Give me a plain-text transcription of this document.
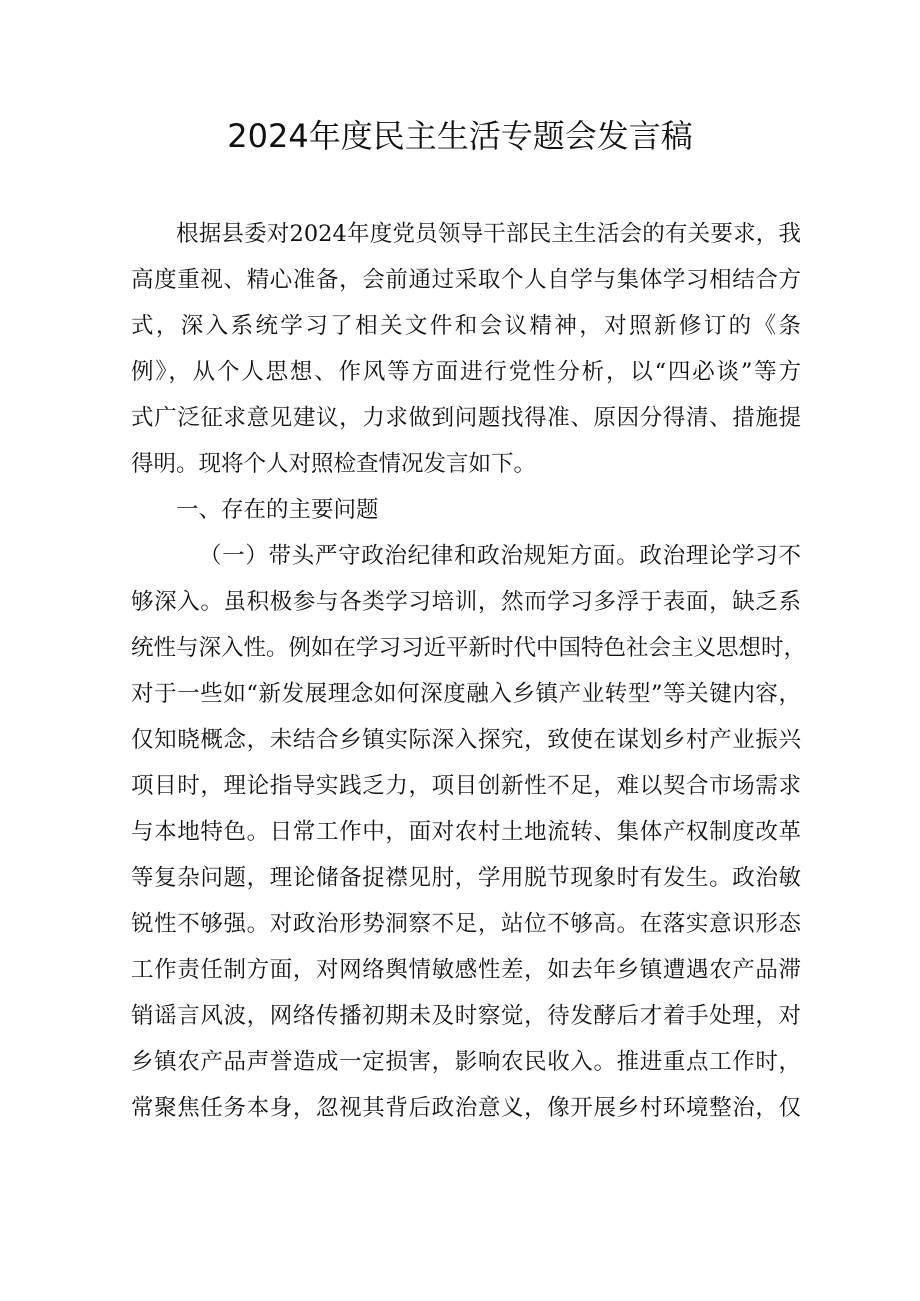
2024年度民主生活专题会发言稿
根据县委对2024年度党员领导干部民主生活会的有关要求，我
高度重视、精心准备，会前通过采取个人自学与集体学习相结合方
式，深入系统学习了相关文件和会议精神，对照新修订的《条
例》，从个人思想、作风等方面进行党性分析，以“四必谈”等方
式广泛征求意见建议，力求做到问题找得准、原因分得清、措施提
得明。现将个人对照检查情况发言如下。
一、存在的主要问题
（一）带头严守政治纪律和政治规矩方面。政治理论学习不
够深入。虽积极参与各类学习培训，然而学习多浮于表面，缺乏系
统性与深入性。例如在学习习近平新时代中国特色社会主义思想时，
对于一些如“新发展理念如何深度融入乡镇产业转型”等关键内容，
仅知晓概念，未结合乡镇实际深入探究，致使在谋划乡村产业振兴
项目时，理论指导实践乏力，项目创新性不足，难以契合市场需求
与本地特色。日常工作中，面对农村土地流转、集体产权制度改革
等复杂问题，理论储备捉襟见肘，学用脱节现象时有发生。政治敏
锐性不够强。对政治形势洞察不足，站位不够高。在落实意识形态
工作责任制方面，对网络舆情敏感性差，如去年乡镇遭遇农产品滞
销谣言风波，网络传播初期未及时察觉，待发酵后才着手处理，对
乡镇农产品声誉造成一定损害，影响农民收入。推进重点工作时，
常聚焦任务本身，忽视其背后政治意义，像开展乡村环境整治，仅
